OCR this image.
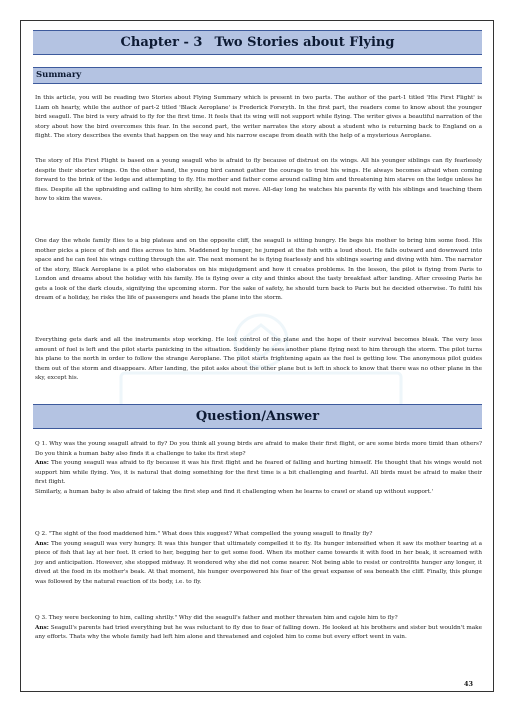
Chapter - 3 Two Stories about Flying
Summary

In this article, you will be reading two Stories about Flying Summary which is present in two parts. The author of the part-1 titled 'His First Flight' is Liam oh hearty, while the author of part-2 titled 'Black Aeroplane' is Frederick Forsryth. In the first part, the readers come to know about the younger bird seagull. The bird is very afraid to fly for the first time. It feels that its wing will not support while flying. The writer gives a beautiful narration of the story about how the bird overcomes this fear. In the second part, the writer narrates the story about a student who is returning back to England on a flight. The story describes the events that happen on the way and his narrow escape from death with the help of a mysterious Aeroplane.

The story of His First Flight is based on a young seagull who is afraid to fly because of distrust on its wings. All his younger siblings can fly fearlessly despite their shorter wings. On the other hand, the young bird cannot gather the courage to trust his wings. He always becomes afraid when coming forward to the brink of the ledge and attempting to fly. His mother and father come around calling him and threatening him starve on the ledge unless he flies. Despite all the upbraiding and calling to him shrilly, he could not move. All-day long he watches his parents fly with his siblings and teaching them how to skim the waves.

One day the whole family flies to a big plateau and on the opposite cliff, the seagull is sitting hungry. He begs his mother to bring him some food. His mother picks a piece of fish and flies across to him. Maddened by hunger, he jumped at the fish with a loud shout. He falls outward and downward into space and he can feel his wings cutting through the air. The next moment he is flying fearlessly and his siblings soaring and diving with him. The narrator of the story, Black Aeroplane is a pilot who elaborates on his misjudgment and how it creates problems. In the lesson, the pilot is flying from Paris to London and dreams about the holiday with his family. He is flying over a city and thinks about the tasty breakfast after landing. After crossing Paris he gets a look of the dark clouds, signifying the upcoming storm. For the sake of safety, he should turn back to Paris but he decided otherwise. To fulfil his dream of a holiday, he risks the life of passengers and heads the plane into the storm.

Everything gets dark and all the instruments stop working. He lost control of the plane and the hope of their survival becomes bleak. The very less amount of fuel is left and the pilot starts panicking in the situation. Suddenly he sees another plane flying next to him through the storm. The pilot turns his plane to the north in order to follow the strange Aeroplane. The pilot starts frightening again as the fuel is getting low. The anonymous pilot guides them out of the storm and disappears. After landing, the pilot asks about the other plane but is left in shock to know that there was no other plane in the sky, except his.

Question/Answer
Q 1. Why was the young seagull afraid to fly? Do you think all young birds are afraid to make their first flight, or are some birds more timid than others? Do you think a human baby also finds it a challenge to take its first step?
Ans: The young seagull was afraid to fly because it was his first flight and he feared of falling and hurting himself. He thought that his wings would not support him while flying. Yes, it is natural that doing something for the first time is a bit challenging and fearful. All birds must be afraid to make their first flight.
Similarly, a human baby is also afraid of taking the first step and find it challenging when he learns to crawl or stand up without support.'
Q 2. "The sight of the food maddened him." What does this suggest? What compelled the young seagull to finally fly?
Ans: The young seagull was very hungry. It was this hunger that ultimately compelled it to fly. Its hunger intensified when it saw its mother tearing at a piece of fish that lay at her feet. It cried to her, begging her to get some food. When its mother came towards it with food in her beak, it screamed with joy and anticipation. However, she stopped midway. It wondered why she did not come nearer. Not being able to resist or controlfits hunger any longer, it dived at the food in its mother's beak. At that moment, his hunger overpowered his fear of the great expanse of sea beneath the cliff. Finally, this plunge was followed by the natural reaction of its body, i.e. to fly.
Q 3. They were beckoning to him, calling shrilly." Why did the seagull's father and mother threaten him and cajole him to fly?
Ans: Seagull's parents had tried everything but he was reluctant to fly due to fear of falling down. He looked at his brothers and sister but wouldn't make any efforts. Thats why the whole family had left him alone and threatened and cojoled him to come but every effort went in vain.
43
